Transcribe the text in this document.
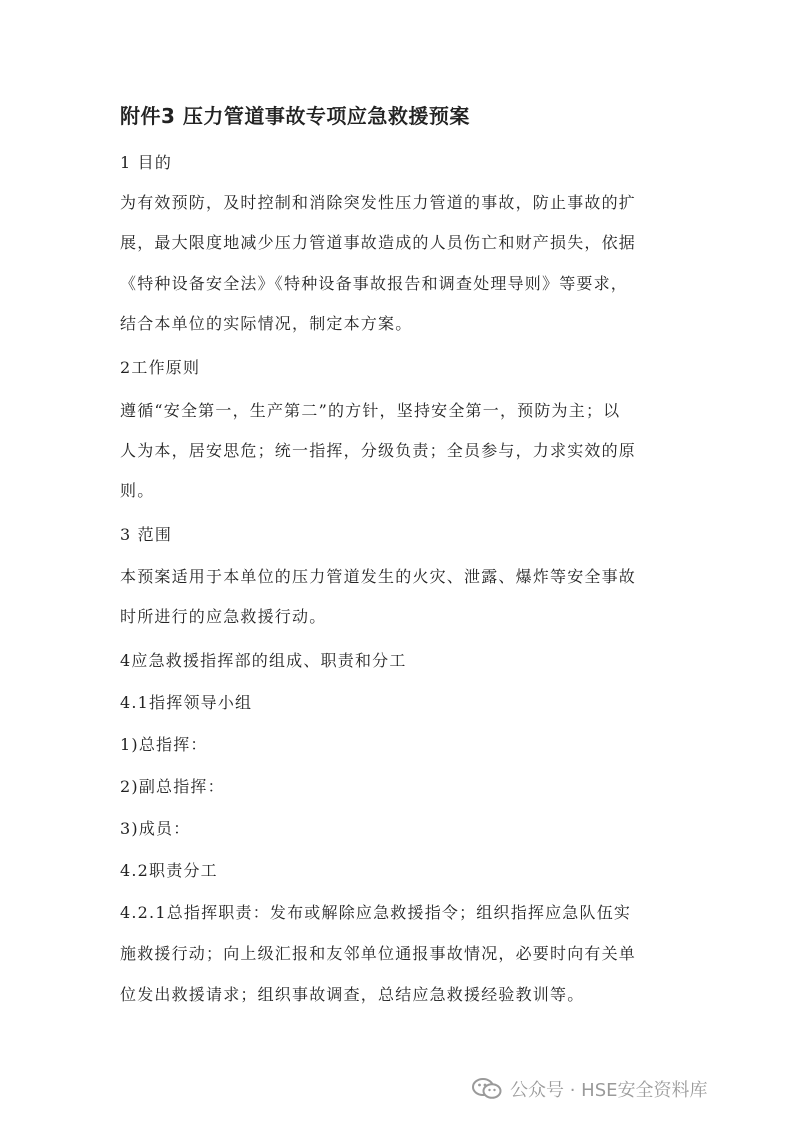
附件3 压力管道事故专项应急救援预案
1 目的
为有效预防，及时控制和消除突发性压力管道的事故，防止事故的扩
展，最大限度地减少压力管道事故造成的人员伤亡和财产损失，依据
《特种设备安全法》《特种设备事故报告和调查处理导则》等要求，
结合本单位的实际情况，制定本方案。
2工作原则
遵循“安全第一，生产第二”的方针，坚持安全第一，预防为主；以
人为本，居安思危；统一指挥，分级负责；全员参与，力求实效的原
则。
3 范围
本预案适用于本单位的压力管道发生的火灾、泄露、爆炸等安全事故
时所进行的应急救援行动。
4应急救援指挥部的组成、职责和分工
4.1指挥领导小组
1)总指挥：
2)副总指挥：
3)成员：
4.2职责分工
4.2.1总指挥职责：发布或解除应急救援指令；组织指挥应急队伍实
施救援行动；向上级汇报和友邻单位通报事故情况，必要时向有关单
位发出救援请求；组织事故调查，总结应急救援经验教训等。
公众号 · HSE安全资料库
